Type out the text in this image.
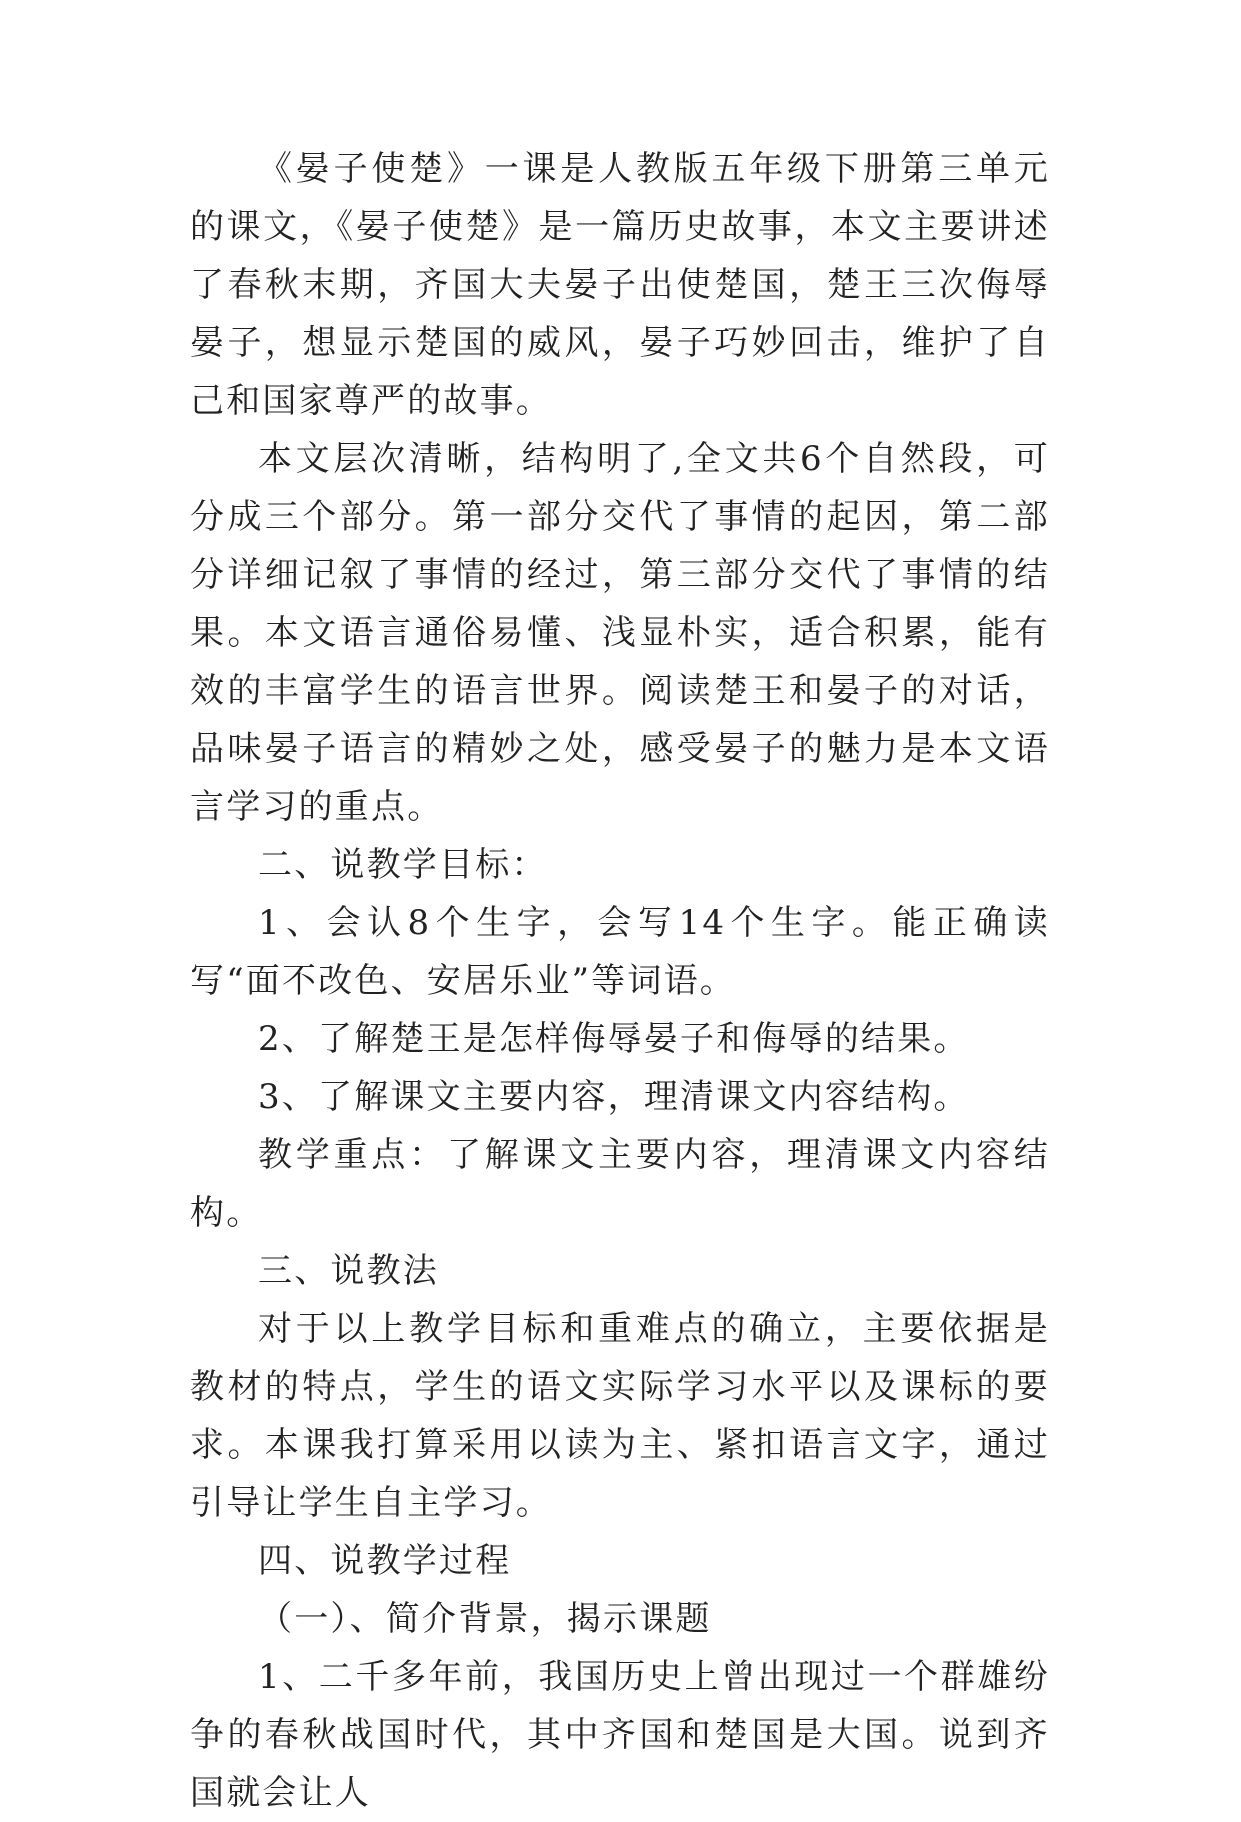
《晏子使楚》一课是人教版五年级下册第三单元的课文，《晏子使楚》是一篇历史故事，本文主要讲述了春秋末期，齐国大夫晏子出使楚国，楚王三次侮辱晏子，想显示楚国的威风，晏子巧妙回击，维护了自己和国家尊严的故事。

本文层次清晰，结构明了,全文共6个自然段，可分成三个部分。第一部分交代了事情的起因，第二部分详细记叙了事情的经过，第三部分交代了事情的结果。本文语言通俗易懂、浅显朴实，适合积累，能有效的丰富学生的语言世界。阅读楚王和晏子的对话，品味晏子语言的精妙之处，感受晏子的魅力是本文语言学习的重点。

二、说教学目标：

1、会认8个生字，会写14个生字。能正确读写“面不改色、安居乐业”等词语。

2、了解楚王是怎样侮辱晏子和侮辱的结果。

3、了解课文主要内容，理清课文内容结构。

教学重点：了解课文主要内容，理清课文内容结构。

三、说教法

对于以上教学目标和重难点的确立，主要依据是教材的特点，学生的语文实际学习水平以及课标的要求。本课我打算采用以读为主、紧扣语言文字，通过引导让学生自主学习。

四、说教学过程

（一）、简介背景，揭示课题

1、二千多年前，我国历史上曾出现过一个群雄纷争的春秋战国时代，其中齐国和楚国是大国。说到齐国就会让人
